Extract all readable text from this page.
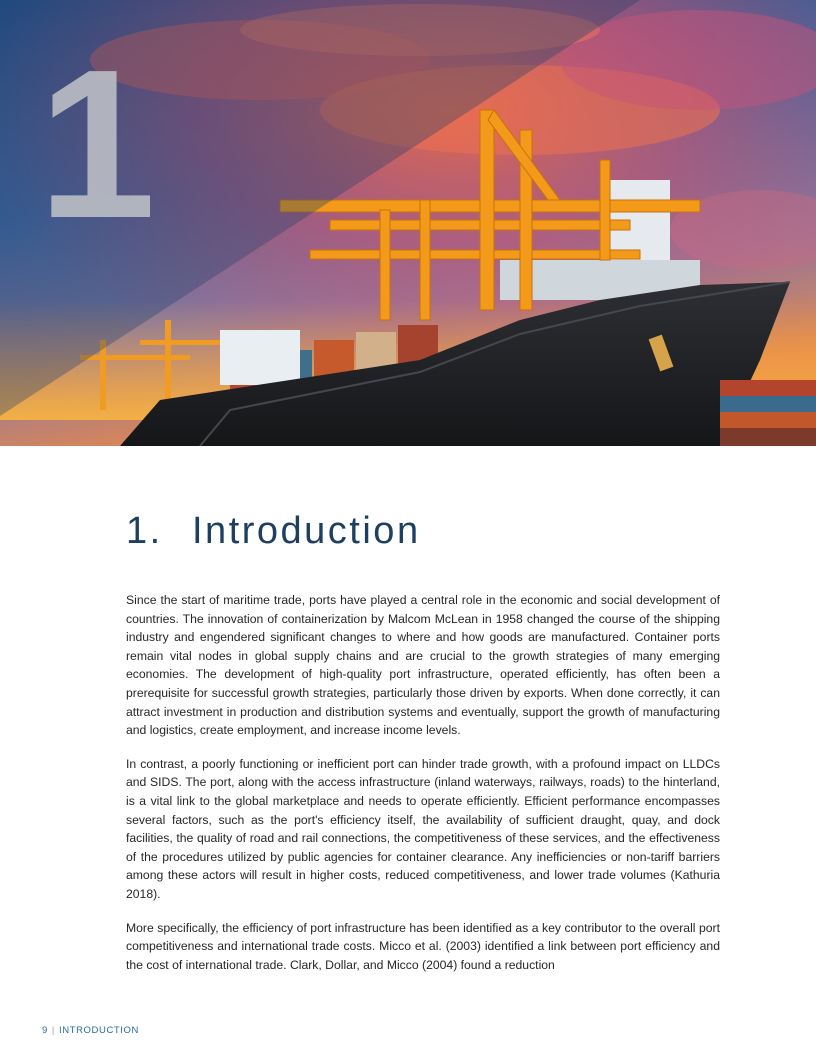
1
1. Introduction

Since the start of maritime trade, ports have played a central role in the economic and social development of countries. The innovation of containerization by Malcom McLean in 1958 changed the course of the shipping industry and engendered significant changes to where and how goods are manufactured. Container ports remain vital nodes in global supply chains and are crucial to the growth strategies of many emerging economies. The development of high-quality port infrastructure, operated efficiently, has often been a prerequisite for successful growth strategies, particularly those driven by exports. When done correctly, it can attract investment in production and distribution systems and eventually, support the growth of manufacturing and logistics, create employment, and increase income levels.

In contrast, a poorly functioning or inefficient port can hinder trade growth, with a profound impact on LLDCs and SIDS. The port, along with the access infrastructure (inland waterways, railways, roads) to the hinterland, is a vital link to the global marketplace and needs to operate efficiently. Efficient performance encompasses several factors, such as the port's efficiency itself, the availability of sufficient draught, quay, and dock facilities, the quality of road and rail connections, the competitiveness of these services, and the effectiveness of the procedures utilized by public agencies for container clearance. Any inefficiencies or non-tariff barriers among these actors will result in higher costs, reduced competitiveness, and lower trade volumes (Kathuria 2018).

More specifically, the efficiency of port infrastructure has been identified as a key contributor to the overall port competitiveness and international trade costs. Micco et al. (2003) identified a link between port efficiency and the cost of international trade. Clark, Dollar, and Micco (2004) found a reduction

9 | INTRODUCTION
